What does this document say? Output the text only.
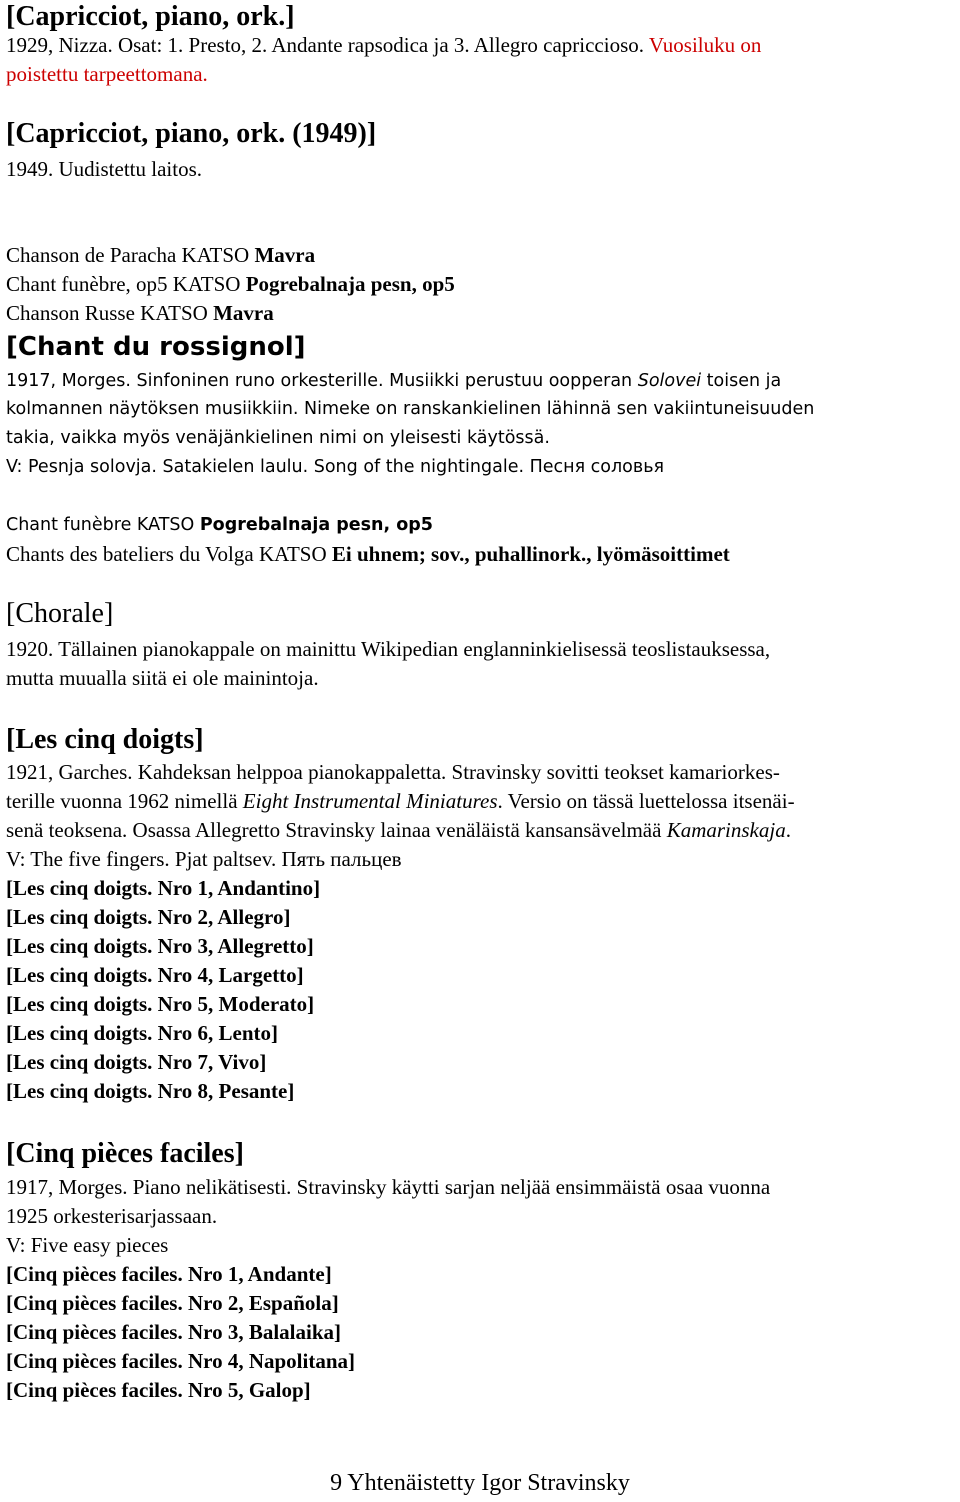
[Capricciot, piano, ork.]
1929, Nizza. Osat: 1. Presto, 2. Andante rapsodica ja 3. Allegro capriccioso. Vuosiluku on
poistettu tarpeettomana.
[Capricciot, piano, ork. (1949)]
1949. Uudistettu laitos.
Chanson de Paracha KATSO Mavra
Chant funèbre, op5 KATSO Pogrebalnaja pesn, op5
Chanson Russe KATSO Mavra
[Chant du rossignol]
1917, Morges. Sinfoninen runo orkesterille. Musiikki perustuu oopperan Solovei toisen ja
kolmannen näytöksen musiikkiin. Nimeke on ranskankielinen lähinnä sen vakiintuneisuuden
takia, vaikka myös venäjänkielinen nimi on yleisesti käytössä.
V: Pesnja solovja. Satakielen laulu. Song of the nightingale. Песня соловья
Chant funèbre KATSO Pogrebalnaja pesn, op5
Chants des bateliers du Volga KATSO Ei uhnem; sov., puhallinork., lyömäsoittimet
[Chorale]
1920. Tällainen pianokappale on mainittu Wikipedian englanninkielisessä teoslistauksessa,
mutta muualla siitä ei ole mainintoja.
[Les cinq doigts]
1921, Garches. Kahdeksan helppoa pianokappaletta. Stravinsky sovitti teokset kamariorkes-
terille vuonna 1962 nimellä Eight Instrumental Miniatures. Versio on tässä luettelossa itsenäi-
senä teoksena. Osassa Allegretto Stravinsky lainaa venäläistä kansansävelmää Kamarinskaja.
V: The five fingers. Pjat paltsev. Пять пальцев
[Les cinq doigts. Nro 1, Andantino]
[Les cinq doigts. Nro 2, Allegro]
[Les cinq doigts. Nro 3, Allegretto]
[Les cinq doigts. Nro 4, Largetto]
[Les cinq doigts. Nro 5, Moderato]
[Les cinq doigts. Nro 6, Lento]
[Les cinq doigts. Nro 7, Vivo]
[Les cinq doigts. Nro 8, Pesante]
[Cinq pièces faciles]
1917, Morges. Piano nelikätisesti. Stravinsky käytti sarjan neljää ensimmäistä osaa vuonna
1925 orkesterisarjassaan.
V: Five easy pieces
[Cinq pièces faciles. Nro 1, Andante]
[Cinq pièces faciles. Nro 2, Española]
[Cinq pièces faciles. Nro 3, Balalaika]
[Cinq pièces faciles. Nro 4, Napolitana]
[Cinq pièces faciles. Nro 5, Galop]
9 Yhtenäistetty Igor Stravinsky
